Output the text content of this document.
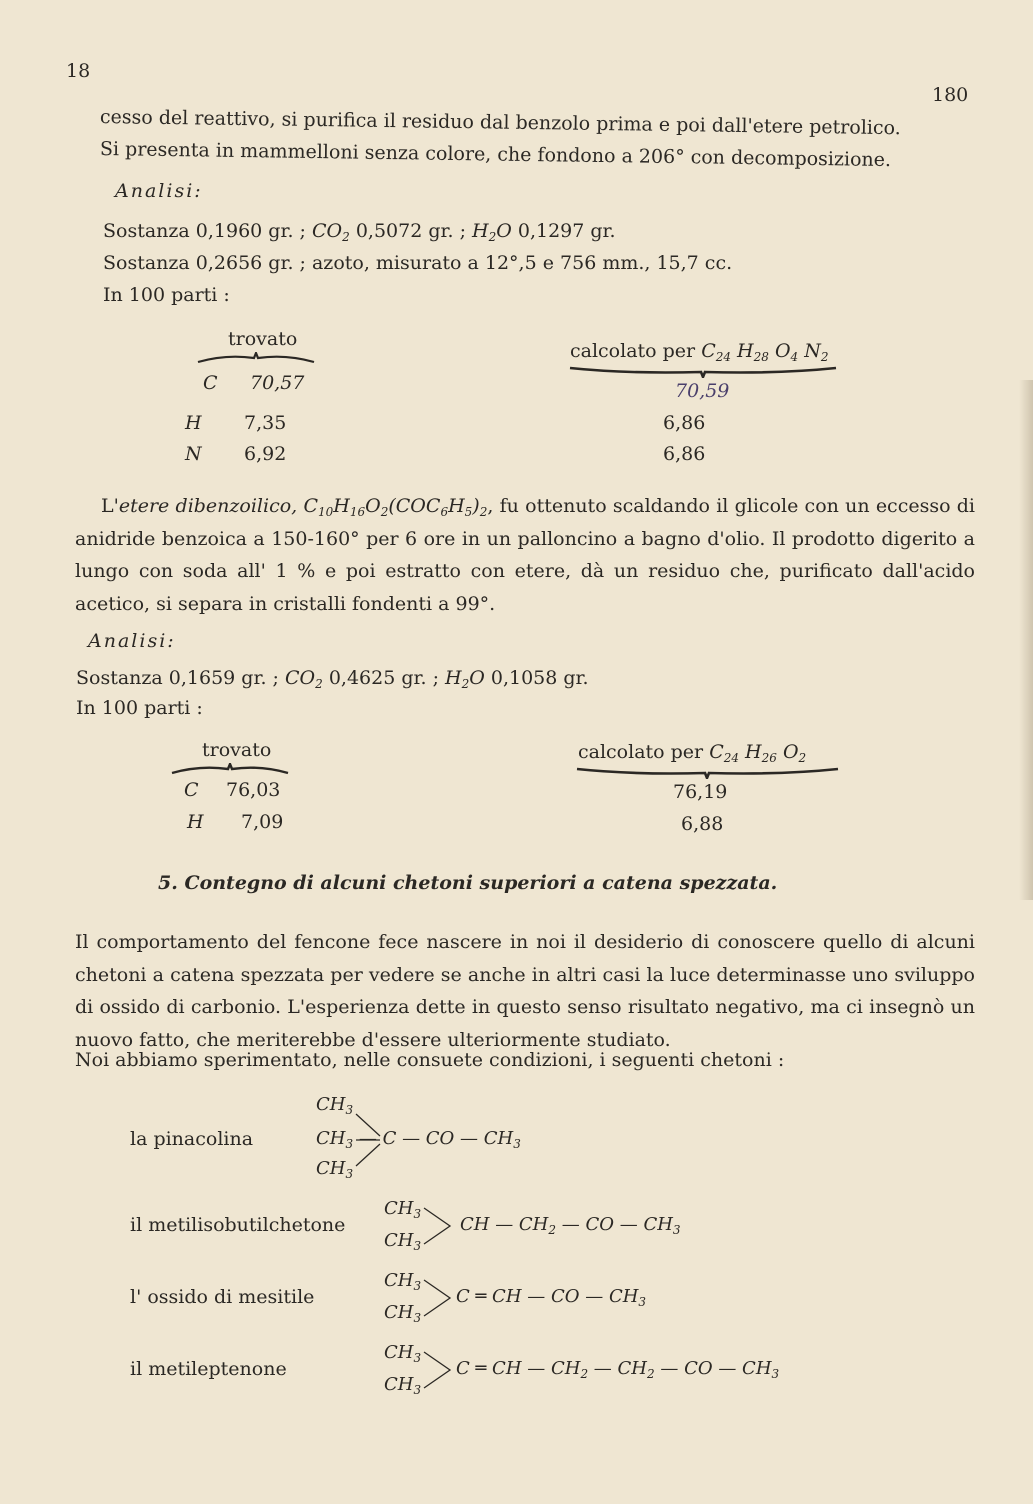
18
180
cesso del reattivo, si purifica il residuo dal benzolo prima e poi dall'etere petrolico.
Si presenta in mammelloni senza colore, che fondono a 206° con decomposizione.
Analisi:
Sostanza 0,1960 gr. ; $CO_2$ 0,5072 gr. ; $H_2O$ 0,1297 gr.
Sostanza 0,2656 gr. ; azoto, misurato a 12°,5 e 756 mm., 15,7 cc.
In 100 parti :
trovato
calcolato per $C_{24}$ $H_{28}$ $O_4$ $N_2$
C 70,57	70,59
H 7,35	6,86
N 6,92	6,86
L'etere dibenzoilico, $C_{10}H_{16}O_2(COC_6H_5)_2$, fu ottenuto scaldando il glicole con un eccesso di anidride benzoica a 150-160° per 6 ore in un palloncino a bagno d'olio. Il prodotto digerito a lungo con soda all' 1 % e poi estratto con etere, dà un residuo che, purificato dall'acido acetico, si separa in cristalli fondenti a 99°.
Analisi:
Sostanza 0,1659 gr. ; $CO_2$ 0,4625 gr. ; $H_2O$ 0,1058 gr.
In 100 parti :
trovato	calcolato per $C_{24}$ $H_{26}$ $O_2$
C 76,03	76,19
H 7,09	6,88
5. Contegno di alcuni chetoni superiori a catena spezzata.
Il comportamento del fencone fece nascere in noi il desiderio di conoscere quello di alcuni chetoni a catena spezzata per vedere se anche in altri casi la luce determinasse uno sviluppo di ossido di carbonio. L'esperienza dette in questo senso risultato negativo, ma ci insegnò un nuovo fatto, che meriterebbe d'essere ulteriormente studiato.
Noi abbiamo sperimentato, nelle consuete condizioni, i seguenti chetoni :
la pinacolina
$CH_3$
$CH_3$ — C — CO — $CH_3$
$CH_3$
il metilisobutilchetone
$CH_3$
$CH_3$
CH — $CH_2$ — CO — $CH_3$
l' ossido di mesitile
$CH_3$
$CH_3$
C ═ CH — CO — $CH_3$
il metileptenone
$CH_3$
$CH_3$
C ═ CH — $CH_2$ — $CH_2$ — CO — $CH_3$
